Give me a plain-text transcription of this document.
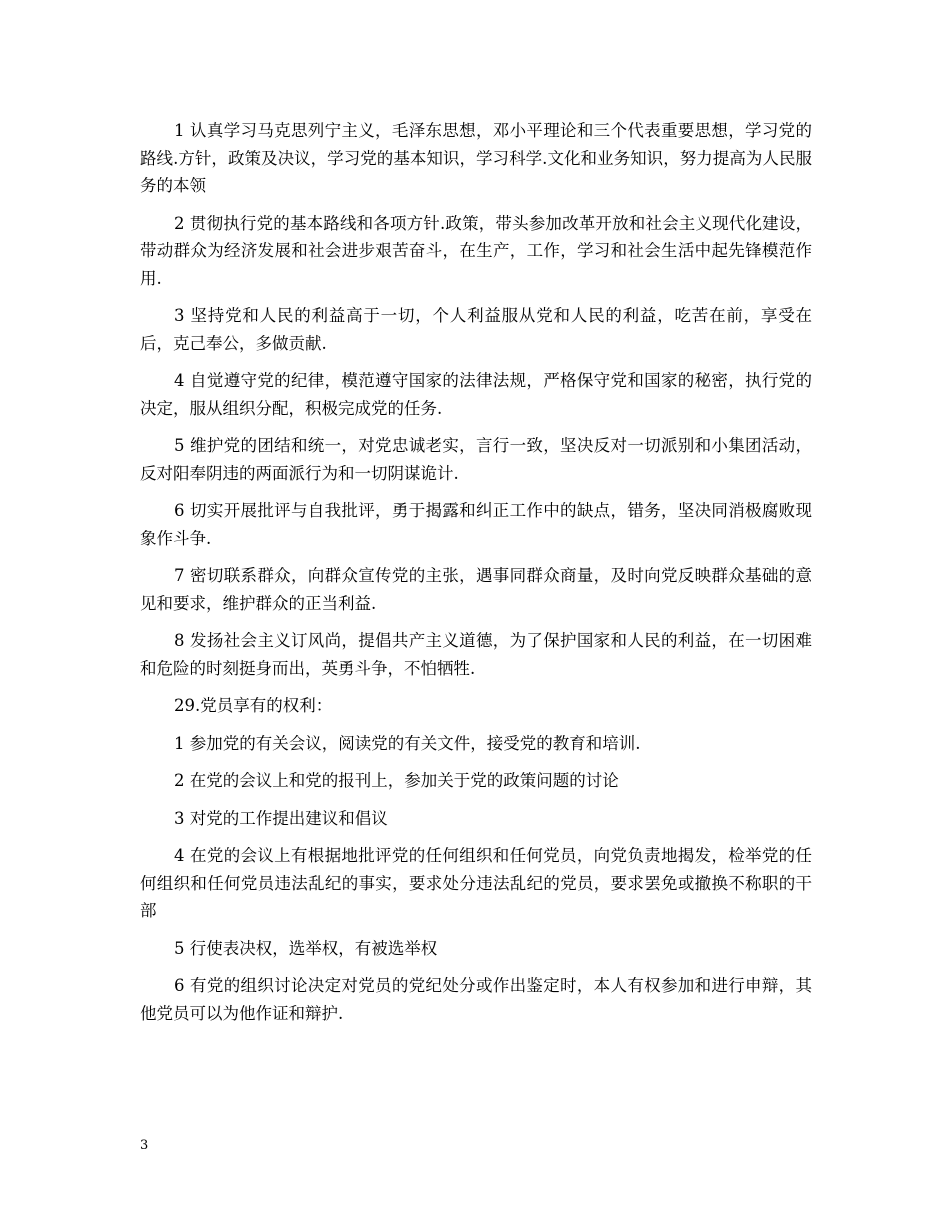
1 认真学习马克思列宁主义，毛泽东思想，邓小平理论和三个代表重要思想，学习党的路线.方针，政策及决议，学习党的基本知识，学习科学.文化和业务知识，努力提高为人民服务的本领

2 贯彻执行党的基本路线和各项方针.政策，带头参加改革开放和社会主义现代化建设，带动群众为经济发展和社会进步艰苦奋斗，在生产，工作，学习和社会生活中起先锋模范作用.

3 坚持党和人民的利益高于一切，个人利益服从党和人民的利益，吃苦在前，享受在后，克己奉公，多做贡献.

4 自觉遵守党的纪律，模范遵守国家的法律法规，严格保守党和国家的秘密，执行党的决定，服从组织分配，积极完成党的任务.

5 维护党的团结和统一，对党忠诚老实，言行一致，坚决反对一切派别和小集团活动，反对阳奉阴违的两面派行为和一切阴谋诡计.

6 切实开展批评与自我批评，勇于揭露和纠正工作中的缺点，错务，坚决同消极腐败现象作斗争.

7 密切联系群众，向群众宣传党的主张，遇事同群众商量，及时向党反映群众基础的意见和要求，维护群众的正当利益.

8 发扬社会主义订风尚，提倡共产主义道德，为了保护国家和人民的利益，在一切困难和危险的时刻挺身而出，英勇斗争，不怕牺牲.

29.党员享有的权利：

1 参加党的有关会议，阅读党的有关文件，接受党的教育和培训.

2 在党的会议上和党的报刊上，参加关于党的政策问题的讨论

3 对党的工作提出建议和倡议

4 在党的会议上有根据地批评党的任何组织和任何党员，向党负责地揭发，检举党的任何组织和任何党员违法乱纪的事实，要求处分违法乱纪的党员，要求罢免或撤换不称职的干部

5 行使表决权，选举权，有被选举权

6 有党的组织讨论决定对党员的党纪处分或作出鉴定时，本人有权参加和进行申辩，其他党员可以为他作证和辩护.

3
